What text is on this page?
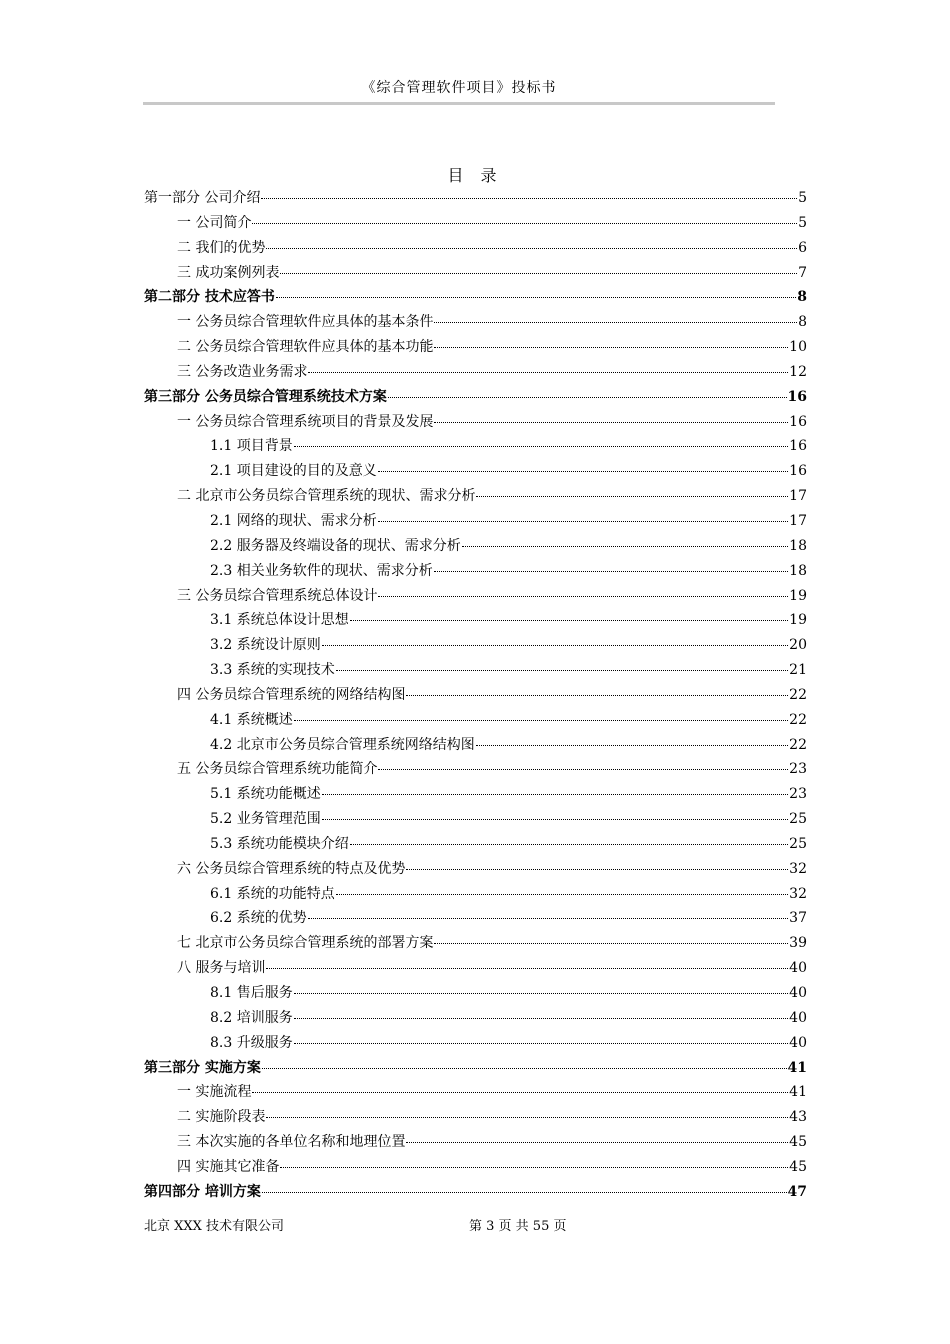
《综合管理软件项目》投标书
目 录
第一部分 公司介绍	5
一 公司简介	5
二 我们的优势	6
三 成功案例列表	7
第二部分 技术应答书	8
一 公务员综合管理软件应具体的基本条件	8
二 公务员综合管理软件应具体的基本功能	10
三 公务改造业务需求	12
第三部分 公务员综合管理系统技术方案	16
一 公务员综合管理系统项目的背景及发展	16
1.1 项目背景	16
2.1 项目建设的目的及意义	16
二 北京市公务员综合管理系统的现状、需求分析	17
2.1 网络的现状、需求分析	17
2.2 服务器及终端设备的现状、需求分析	18
2.3 相关业务软件的现状、需求分析	18
三 公务员综合管理系统总体设计	19
3.1 系统总体设计思想	19
3.2 系统设计原则	20
3.3 系统的实现技术	21
四 公务员综合管理系统的网络结构图	22
4.1 系统概述	22
4.2 北京市公务员综合管理系统网络结构图	22
五 公务员综合管理系统功能简介	23
5.1 系统功能概述	23
5.2 业务管理范围	25
5.3 系统功能模块介绍	25
六 公务员综合管理系统的特点及优势	32
6.1 系统的功能特点	32
6.2 系统的优势	37
七 北京市公务员综合管理系统的部署方案	39
八 服务与培训	40
8.1 售后服务	40
8.2 培训服务	40
8.3 升级服务	40
第三部分 实施方案	41
一 实施流程	41
二 实施阶段表	43
三 本次实施的各单位名称和地理位置	45
四 实施其它准备	45
第四部分 培训方案	47
北京 XXX 技术有限公司	第 3 页 共 55 页
